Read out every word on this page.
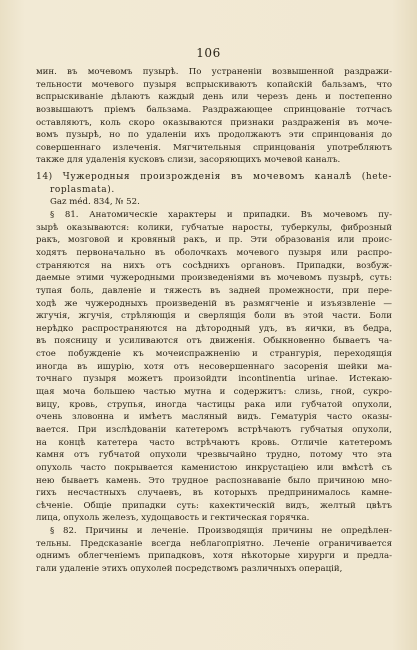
106
мин. въ мочевомъ пузырѣ. По устраненіи возвышенной раздражи-
тельности мочевого пузыря вспрыскиваютъ копайскій бальзамъ, что
вспрыскиваніе дѣлаютъ каждый день или черезъ день и постепенно
возвышаютъ пріемъ бальзама. Раздражающее спринцованіе тотчасъ
оставляютъ, коль скоро оказываются признаки раздраженія въ моче-
вомъ пузырѣ, но по удаленіи ихъ продолжаютъ эти спринцованія до
совершеннаго излеченія. Мягчительныя спринцованія употребляютъ
также для удаленія кусковъ слизи, засоряющихъ мочевой каналъ.
14) Чужеродныя произрожденія въ мочевомъ каналѣ (hete-
roplasmata).
Gaz méd. 834, № 52.
§ 81. Анатомическіе характеры и припадки. Въ мочевомъ пу-
зырѣ оказываются: колики, губчатые наросты, туберкулы, фиброзный
ракъ, мозговой и кровяный ракъ, и пр. Эти образованія или проис-
ходятъ первоначально въ оболочкахъ мочевого пузыря или распро-
страняются на нихъ отъ сосѣднихъ органовъ. Припадки, возбуж-
даемые этими чужеродными произведеніями въ мочевомъ пузырѣ, суть:
тупая боль, давленіе и тяжесть въ задней промежности, при пере-
ходѣ же чужеродныхъ произведеній въ размягченіе и изъязвленіе —
жгучія, жгучія, стрѣляющія и сверлящія боли въ этой части. Боли
нерѣдко распространяются на дѣтородный удъ, въ яички, въ бедра,
въ поясницу и усиливаются отъ движенія. Обыкновенно бываетъ ча-
стое побужденіе къ мочеиспражненію и странгурія, переходящія
иногда въ ишурію, хотя отъ несовершеннаго засоренія шейки ма-
точнаго пузыря можетъ произойдти incontinentia urinae. Истекаю-
щая моча большею частью мутна и содержитъ: слизь, гной, сукро-
вицу, кровь, струпья, иногда частицы рака или губчатой опухоли,
очень зловонна и имѣетъ масляный видъ. Гематурія часто оказы-
вается. При изслѣдованіи катетеромъ встрѣчаютъ губчатыя опухоли,
на концѣ катетера часто встрѣчаютъ кровь. Отличіе катетеромъ
камня отъ губчатой опухоли чрезвычайно трудно, потому что эта
опухоль часто покрывается каменистою инкрустаціею или вмѣстѣ съ
нею бываетъ камень. Это трудное распознаваніе было причиною мно-
гихъ несчастныхъ случаевъ, въ которыхъ предпринималось камне-
сѣченіе. Общіе припадки суть: кахектическій видъ, желтый цвѣтъ
лица, опухоль железъ, худощавость и гектическая горячка.
§ 82. Причины и леченіе. Производящія причины не опредѣлен-
тельны. Предсказаніе всегда неблагопріятно. Леченіе ограничивается
однимъ облегченіемъ припадковъ, хотя нѣкоторые хирурги и предла-
гали удаленіе этихъ опухолей посредствомъ различныхъ операцій,
